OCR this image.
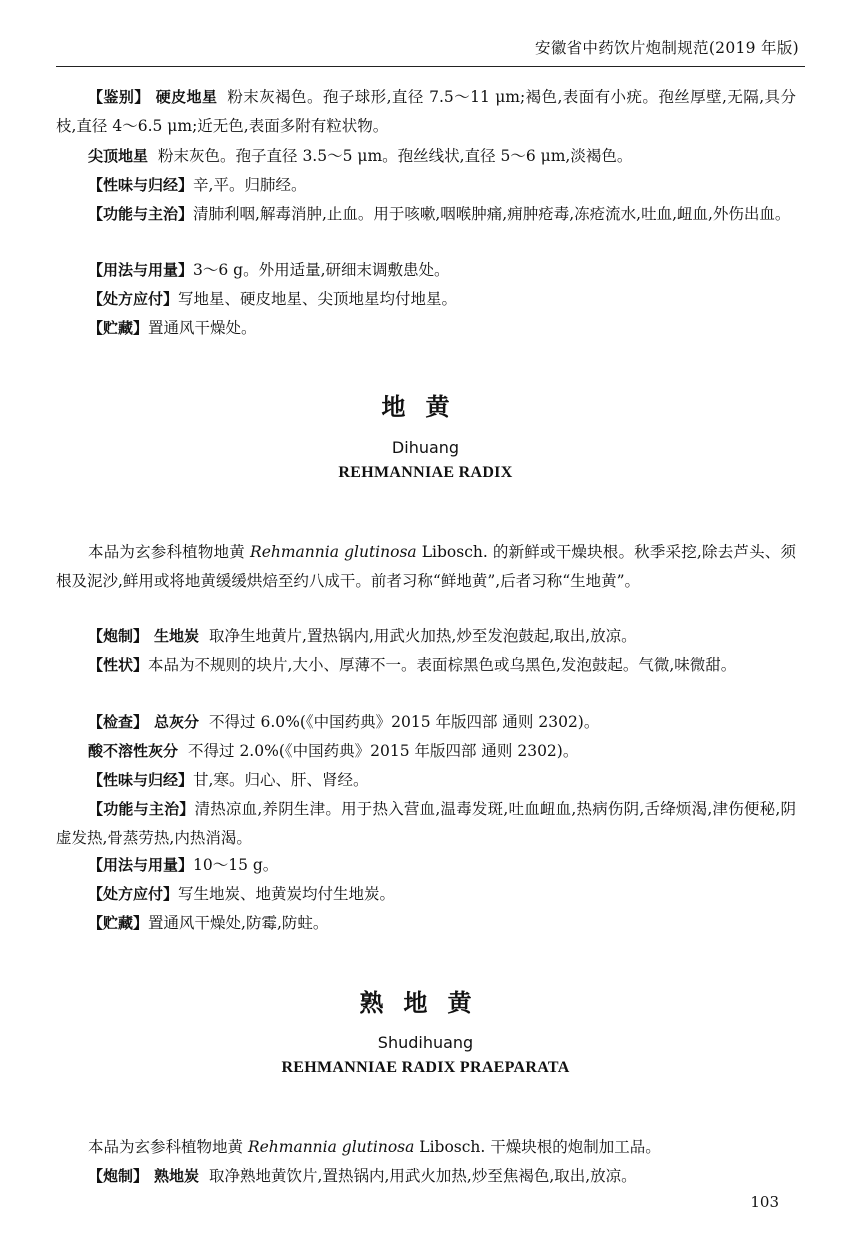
安徽省中药饮片炮制规范(2019 年版)

【鉴别】 硬皮地星 粉末灰褐色。孢子球形,直径 7.5～11 μm;褐色,表面有小疣。孢丝厚壁,无隔,具分枝,直径 4～6.5 μm;近无色,表面多附有粒状物。

尖顶地星 粉末灰色。孢子直径 3.5～5 μm。孢丝线状,直径 5～6 μm,淡褐色。

【性味与归经】辛,平。归肺经。

【功能与主治】清肺利咽,解毒消肿,止血。用于咳嗽,咽喉肿痛,痈肿疮毒,冻疮流水,吐血,衄血,外伤出血。

【用法与用量】3～6 g。外用适量,研细末调敷患处。

【处方应付】写地星、硬皮地星、尖顶地星均付地星。

【贮藏】置通风干燥处。

地黄
Dihuang
REHMANNIAE RADIX

本品为玄参科植物地黄 Rehmannia glutinosa Libosch. 的新鲜或干燥块根。秋季采挖,除去芦头、须根及泥沙,鲜用或将地黄缓缓烘焙至约八成干。前者习称“鲜地黄”,后者习称“生地黄”。

【炮制】 生地炭 取净生地黄片,置热锅内,用武火加热,炒至发泡鼓起,取出,放凉。

【性状】本品为不规则的块片,大小、厚薄不一。表面棕黑色或乌黑色,发泡鼓起。气微,味微甜。

【检查】 总灰分 不得过 6.0%(《中国药典》2015 年版四部 通则 2302)。

酸不溶性灰分 不得过 2.0%(《中国药典》2015 年版四部 通则 2302)。

【性味与归经】甘,寒。归心、肝、肾经。

【功能与主治】清热凉血,养阴生津。用于热入营血,温毒发斑,吐血衄血,热病伤阴,舌绛烦渴,津伤便秘,阴虚发热,骨蒸劳热,内热消渴。

【用法与用量】10～15 g。

【处方应付】写生地炭、地黄炭均付生地炭。

【贮藏】置通风干燥处,防霉,防蛀。

熟地黄
Shudihuang
REHMANNIAE RADIX PRAEPARATA

本品为玄参科植物地黄 Rehmannia glutinosa Libosch. 干燥块根的炮制加工品。

【炮制】 熟地炭 取净熟地黄饮片,置热锅内,用武火加热,炒至焦褐色,取出,放凉。

103
